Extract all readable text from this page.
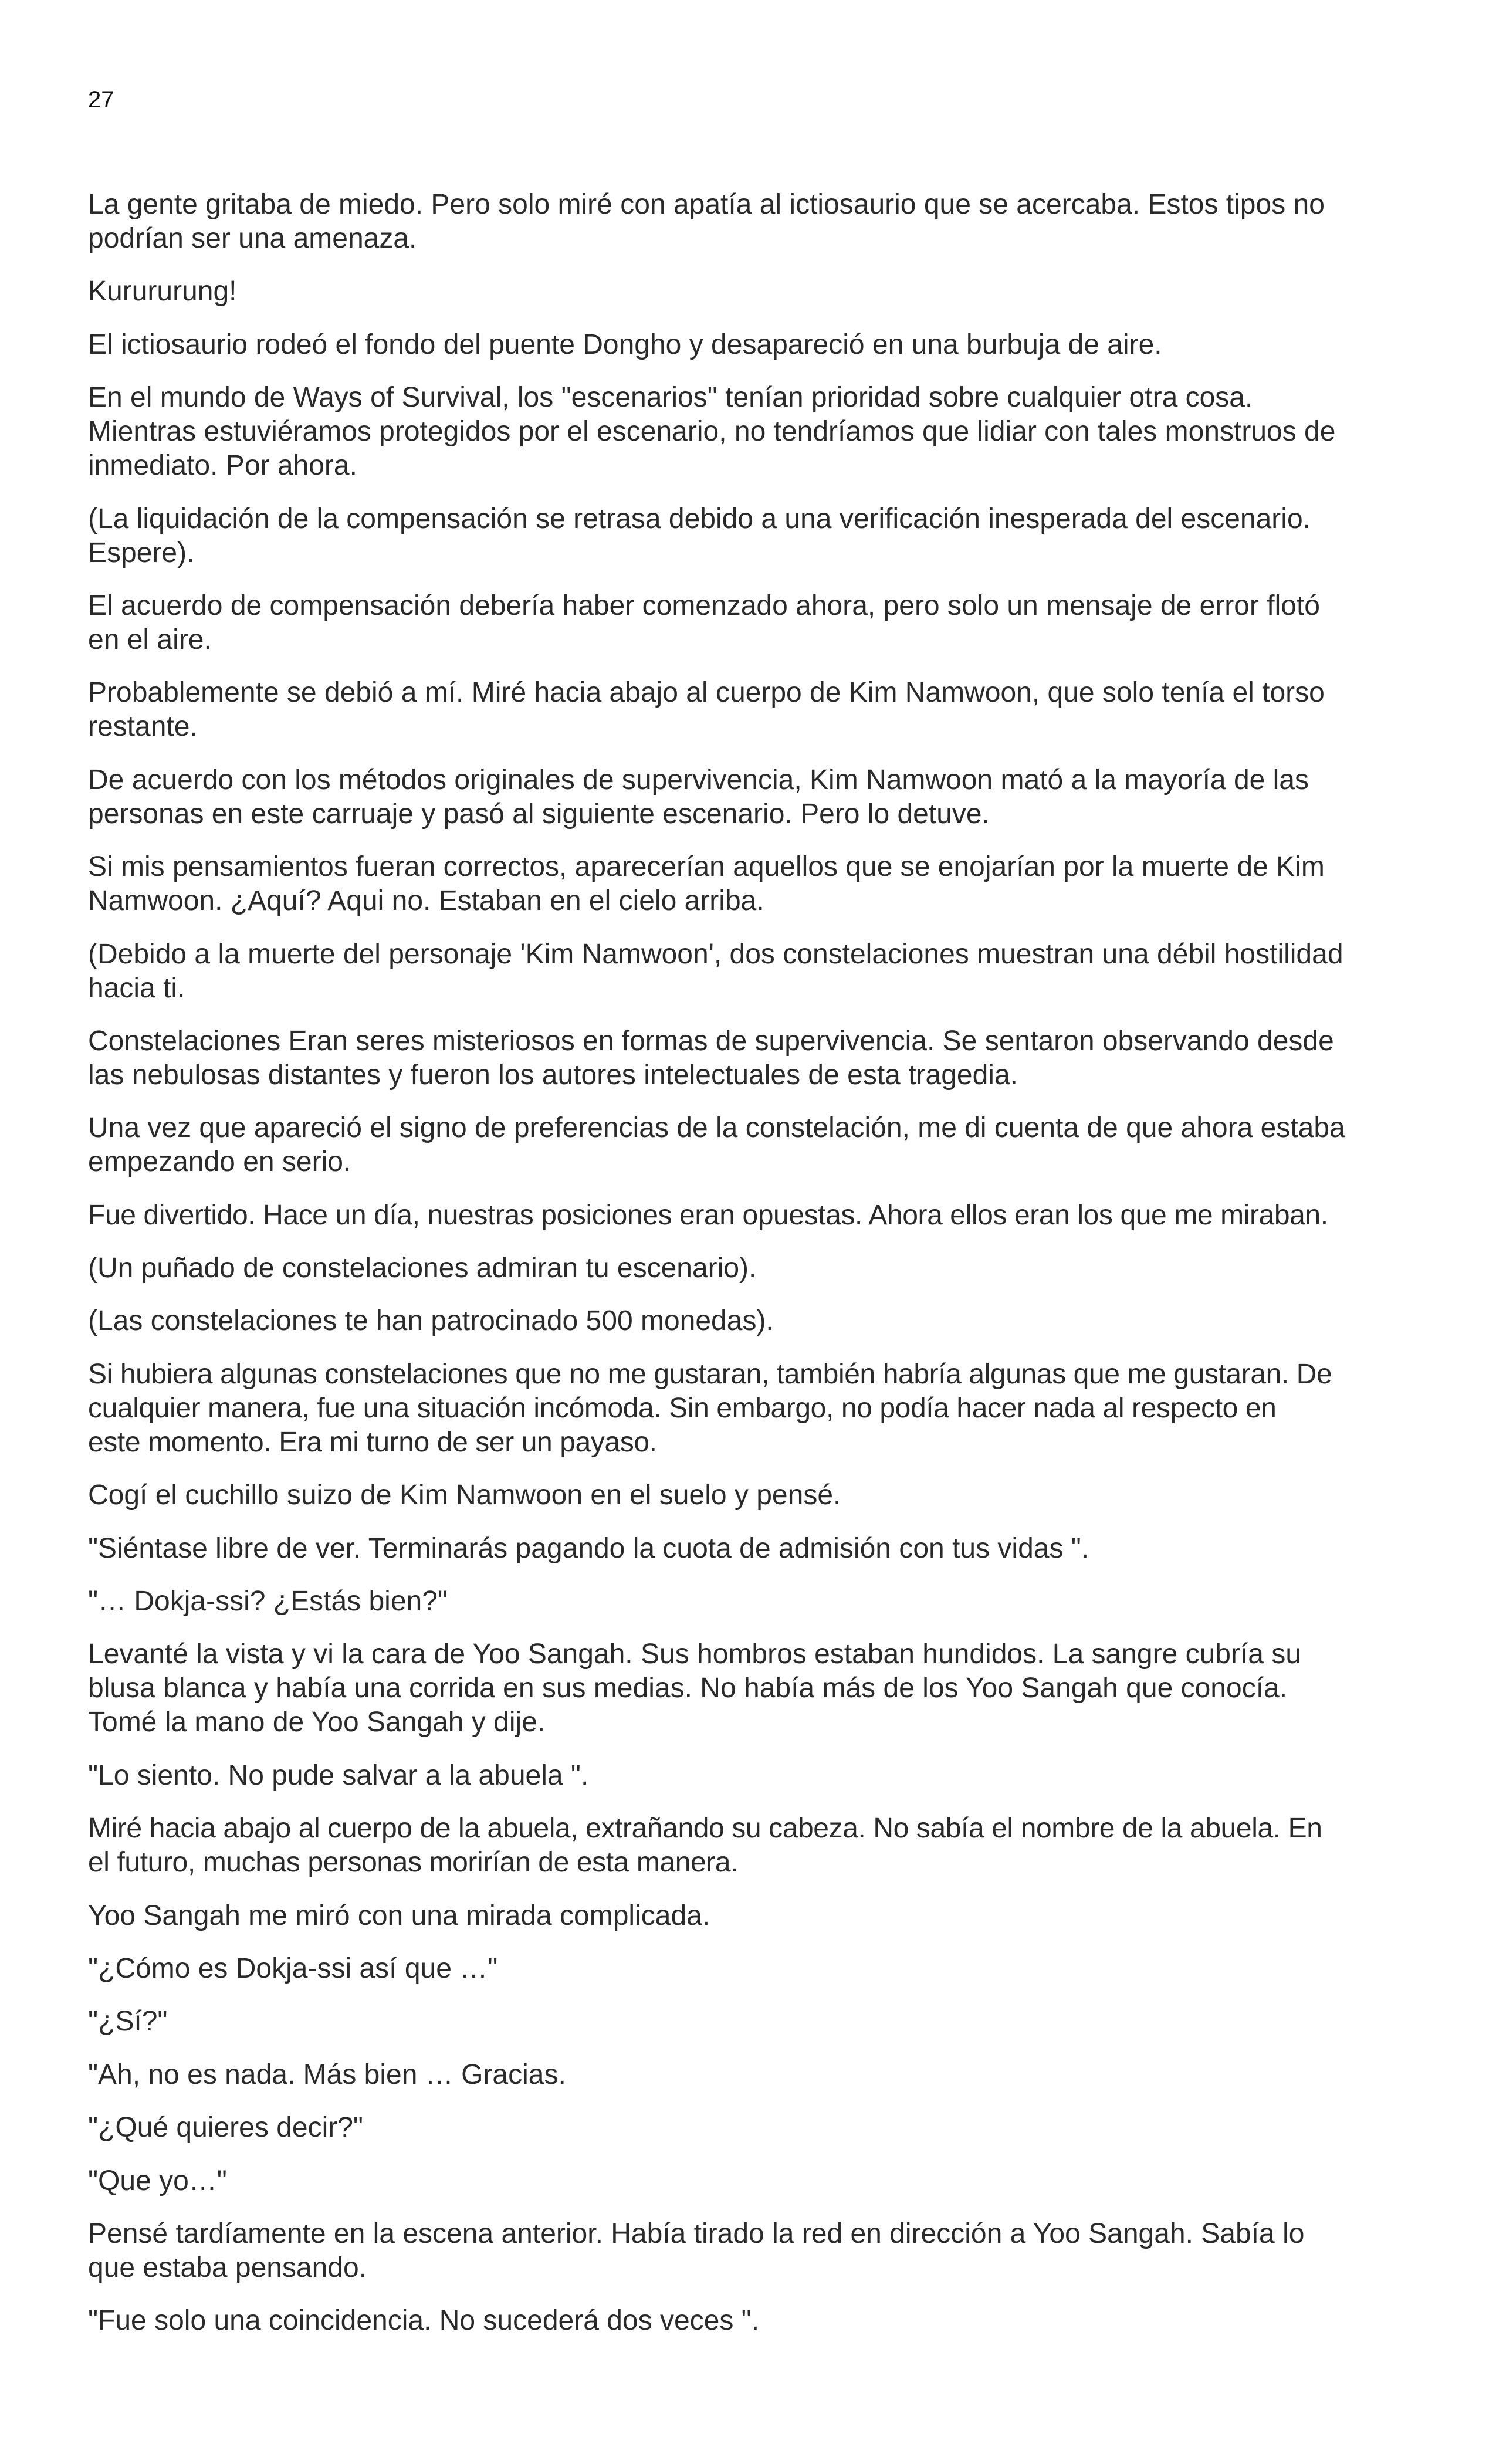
27

La gente gritaba de miedo. Pero solo miré con apatía al ictiosaurio que se acercaba. Estos tipos no
podrían ser una amenaza.

Kurururung!

El ictiosaurio rodeó el fondo del puente Dongho y desapareció en una burbuja de aire.

En el mundo de Ways of Survival, los "escenarios" tenían prioridad sobre cualquier otra cosa.
Mientras estuviéramos protegidos por el escenario, no tendríamos que lidiar con tales monstruos de
inmediato. Por ahora.

(La liquidación de la compensación se retrasa debido a una verificación inesperada del escenario.
Espere).

El acuerdo de compensación debería haber comenzado ahora, pero solo un mensaje de error flotó
en el aire.

Probablemente se debió a mí. Miré hacia abajo al cuerpo de Kim Namwoon, que solo tenía el torso
restante.

De acuerdo con los métodos originales de supervivencia, Kim Namwoon mató a la mayoría de las
personas en este carruaje y pasó al siguiente escenario. Pero lo detuve.

Si mis pensamientos fueran correctos, aparecerían aquellos que se enojarían por la muerte de Kim
Namwoon. ¿Aquí? Aqui no. Estaban en el cielo arriba.

(Debido a la muerte del personaje 'Kim Namwoon', dos constelaciones muestran una débil hostilidad
hacia ti.

Constelaciones Eran seres misteriosos en formas de supervivencia. Se sentaron observando desde
las nebulosas distantes y fueron los autores intelectuales de esta tragedia.

Una vez que apareció el signo de preferencias de la constelación, me di cuenta de que ahora estaba
empezando en serio.

Fue divertido. Hace un día, nuestras posiciones eran opuestas. Ahora ellos eran los que me miraban.

(Un puñado de constelaciones admiran tu escenario).

(Las constelaciones te han patrocinado 500 monedas).

Si hubiera algunas constelaciones que no me gustaran, también habría algunas que me gustaran. De
cualquier manera, fue una situación incómoda. Sin embargo, no podía hacer nada al respecto en
este momento. Era mi turno de ser un payaso.

Cogí el cuchillo suizo de Kim Namwoon en el suelo y pensé.

"Siéntase libre de ver. Terminarás pagando la cuota de admisión con tus vidas ".

"… Dokja-ssi? ¿Estás bien?"

Levanté la vista y vi la cara de Yoo Sangah. Sus hombros estaban hundidos. La sangre cubría su
blusa blanca y había una corrida en sus medias. No había más de los Yoo Sangah que conocía.
Tomé la mano de Yoo Sangah y dije.

"Lo siento. No pude salvar a la abuela ".

Miré hacia abajo al cuerpo de la abuela, extrañando su cabeza. No sabía el nombre de la abuela. En
el futuro, muchas personas morirían de esta manera.

Yoo Sangah me miró con una mirada complicada.

"¿Cómo es Dokja-ssi así que …"

"¿Sí?"

"Ah, no es nada. Más bien … Gracias.

"¿Qué quieres decir?"

"Que yo…"

Pensé tardíamente en la escena anterior. Había tirado la red en dirección a Yoo Sangah. Sabía lo
que estaba pensando.

"Fue solo una coincidencia. No sucederá dos veces ".
